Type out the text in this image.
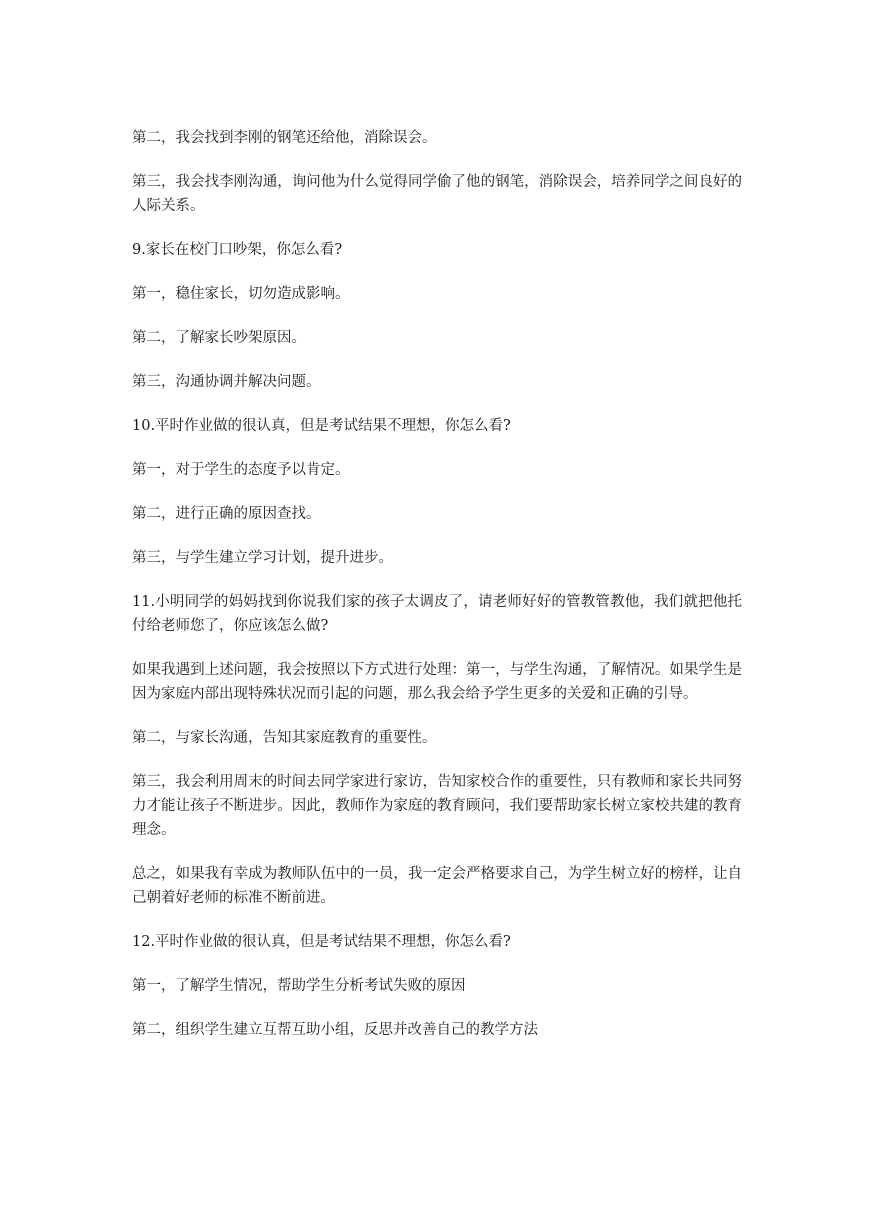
第二，我会找到李刚的钢笔还给他，消除误会。

第三，我会找李刚沟通，询问他为什么觉得同学偷了他的钢笔，消除误会，培养同学之间良好的人际关系。

9.家长在校门口吵架，你怎么看?

第一，稳住家长，切勿造成影响。

第二，了解家长吵架原因。

第三，沟通协调并解决问题。

10.平时作业做的很认真，但是考试结果不理想，你怎么看?

第一，对于学生的态度予以肯定。

第二，进行正确的原因查找。

第三，与学生建立学习计划，提升进步。

11.小明同学的妈妈找到你说我们家的孩子太调皮了，请老师好好的管教管教他，我们就把他托付给老师您了，你应该怎么做?

如果我遇到上述问题，我会按照以下方式进行处理：第一，与学生沟通，了解情况。如果学生是因为家庭内部出现特殊状况而引起的问题，那么我会给予学生更多的关爱和正确的引导。

第二，与家长沟通，告知其家庭教育的重要性。

第三，我会利用周末的时间去同学家进行家访，告知家校合作的重要性，只有教师和家长共同努力才能让孩子不断进步。因此，教师作为家庭的教育顾问，我们要帮助家长树立家校共建的教育理念。

总之，如果我有幸成为教师队伍中的一员，我一定会严格要求自己，为学生树立好的榜样，让自己朝着好老师的标准不断前进。

12.平时作业做的很认真，但是考试结果不理想，你怎么看?

第一，了解学生情况，帮助学生分析考试失败的原因

第二，组织学生建立互帮互助小组，反思并改善自己的教学方法
